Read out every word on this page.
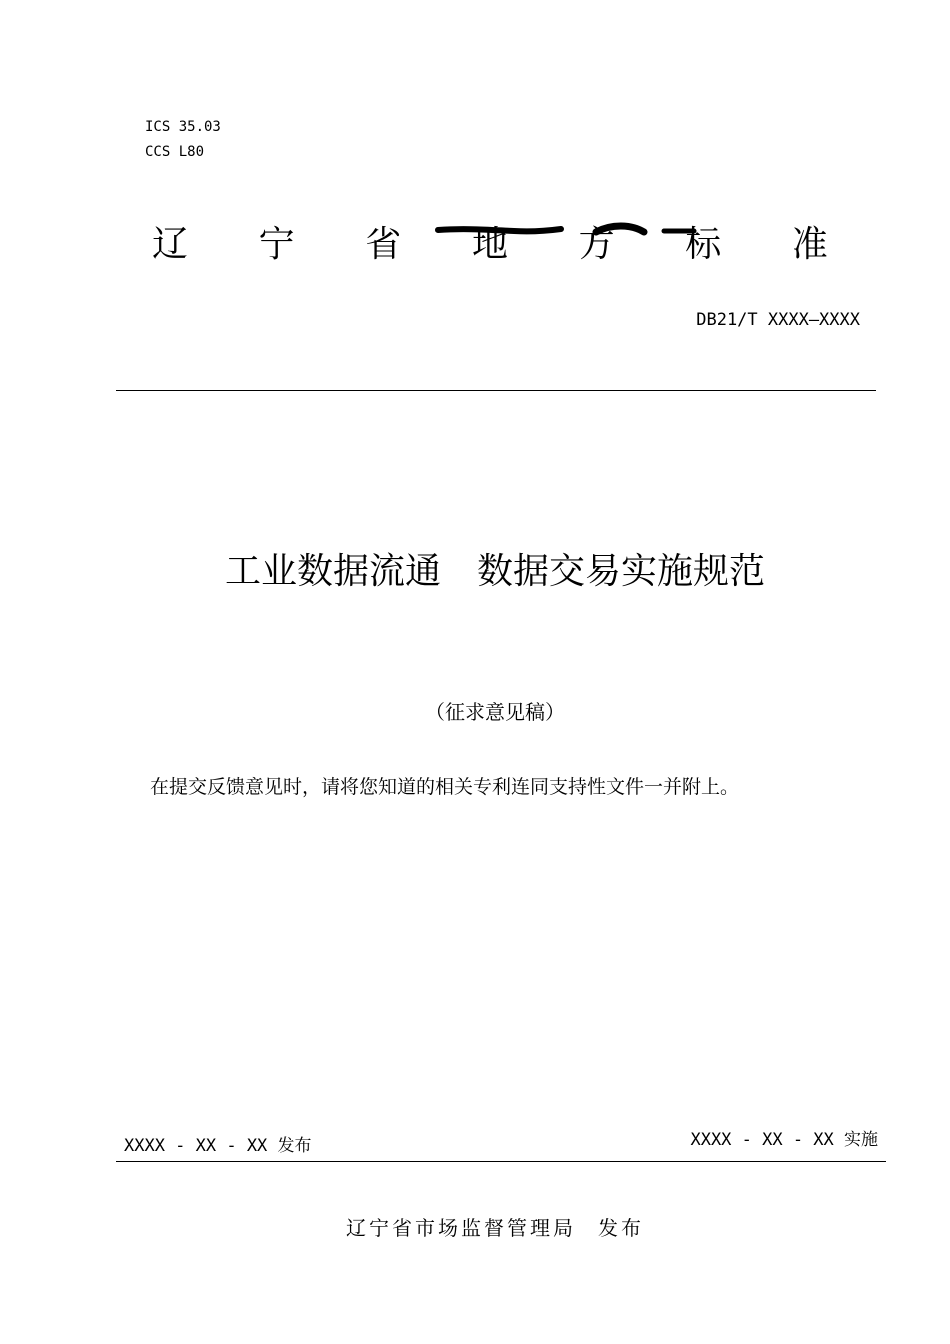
ICS 35.03
CCS L80
辽 宁 省 地 方 标 准
DB21/T XXXX—XXXX
工业数据流通 数据交易实施规范
（征求意见稿）
在提交反馈意见时，请将您知道的相关专利连同支持性文件一并附上。
XXXX - XX - XX 发布	XXXX - XX - XX 实施
辽宁省市场监督管理局 发布
